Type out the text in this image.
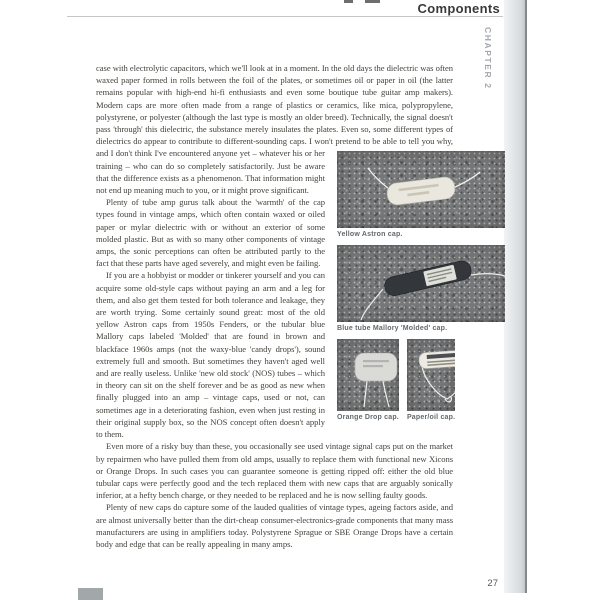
Components
CHAPTER 2

case with electrolytic capacitors, which we'll look at in a moment. In the old days the dielectric was often waxed paper formed in rolls between the foil of the plates, or sometimes oil or paper in oil (the latter remains popular with high-end hi-fi enthusiasts and even some boutique tube guitar amp makers). Modern caps are more often made from a range of plastics or ceramics, like mica, polypropylene, polystyrene, or polyester (although the last type is mostly an older breed). Technically, the signal doesn't pass 'through' this dielectric, the substance merely insulates the plates. Even so, some different types of dielectrics do appear to contribute to different-sounding caps. I won't pretend to be able to tell you why, and I don't think I've
Yellow Astron cap.
Blue tube Mallory 'Molded' cap.
Orange Drop cap. Paper/oil cap.
encountered anyone yet – whatever his or her training – who can do so completely satisfactorily. Just be aware that the difference exists as a phenomenon. That information might not end up meaning much to you, or it might prove significant.

Plenty of tube amp gurus talk about the 'warmth' of the cap types found in vintage amps, which often contain waxed or oiled paper or mylar dielectric with or without an exterior of some molded plastic. But as with so many other components of vintage amps, the sonic perceptions can often be attributed partly to the fact that these parts have aged severely, and might even be failing.

If you are a hobbyist or modder or tinkerer yourself and you can acquire some old-style caps without paying an arm and a leg for them, and also get them tested for both tolerance and leakage, they are worth trying. Some certainly sound great: most of the old yellow Astron caps from 1950s Fenders, or the tubular blue Mallory caps labeled 'Molded' that are found in brown and blackface 1960s amps (not the waxy-blue 'candy drops'), sound extremely full and smooth. But sometimes they haven't aged well and are really useless. Unlike 'new old stock' (NOS) tubes – which in theory can sit on the shelf forever and be as good as new when finally plugged into an amp – vintage caps, used or not, can sometimes age in a deteriorating fashion, even when just resting in their original supply box, so the NOS concept often doesn't apply to them.

Even more of a risky buy than these, you occasionally see used vintage signal caps put on the market by repairmen who have pulled them from old amps, usually to replace them with functional new Xicons or Orange Drops. In such cases you can guarantee someone is getting ripped off: either the old blue tubular caps were perfectly good and the tech replaced them with new caps that are arguably sonically inferior, at a hefty bench charge, or they needed to be replaced and he is now selling faulty goods.

Plenty of new caps do capture some of the lauded qualities of vintage types, ageing factors aside, and are almost universally better than the dirt-cheap consumer-electronics-grade components that many mass manufacturers are using in amplifiers today. Polystyrene Sprague or SBE Orange Drops have a certain body and edge that can be really appealing in many amps.

27
